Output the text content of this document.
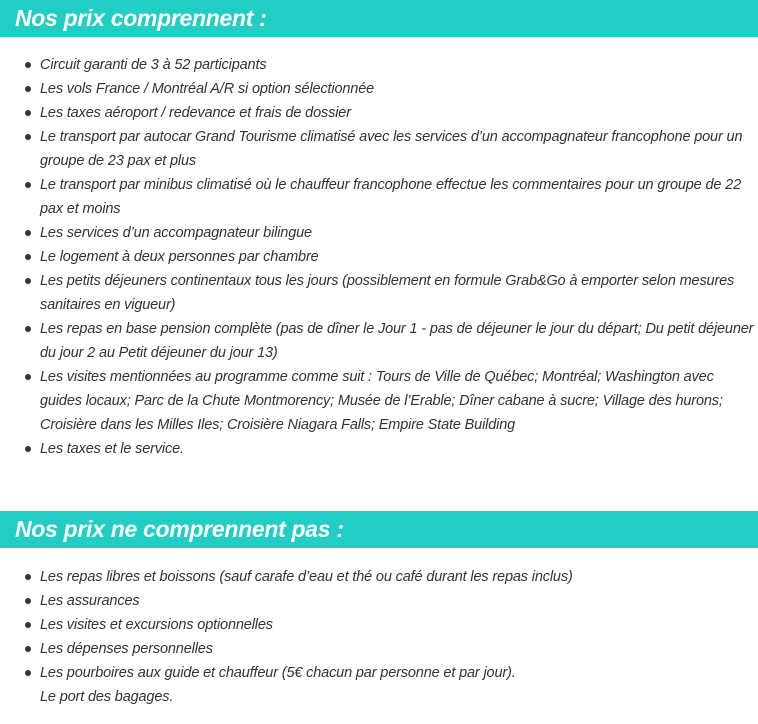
Nos prix comprennent :
Circuit garanti de 3 à 52 participants
Les vols France / Montréal A/R si option sélectionnée
Les taxes aéroport / redevance et frais de dossier
Le transport par autocar Grand Tourisme climatisé avec les services d’un accompagnateur francophone pour un groupe de 23 pax et plus
Le transport par minibus climatisé où le chauffeur francophone effectue les commentaires pour un groupe de 22 pax et moins
Les services d’un accompagnateur bilingue
Le logement à deux personnes par chambre
Les petits déjeuners continentaux tous les jours (possiblement en formule Grab&Go à emporter selon mesures sanitaires en vigueur)
Les repas en base pension complète (pas de dîner le Jour 1 - pas de déjeuner le jour du départ; Du petit déjeuner du jour 2 au Petit déjeuner du jour 13)
Les visites mentionnées au programme comme suit : Tours de Ville de Québec; Montréal; Washington avec guides locaux; Parc de la Chute Montmorency; Musée de l’Erable; Dîner cabane à sucre; Village des hurons; Croisière dans les Milles Iles; Croisière Niagara Falls; Empire State Building
Les taxes et le service.
Nos prix ne comprennent pas :
Les repas libres et boissons (sauf carafe d’eau et thé ou café durant les repas inclus)
Les assurances
Les visites et excursions optionnelles
Les dépenses personnelles
Les pourboires aux guide et chauffeur (5€ chacun par personne et par jour).
Le port des bagages.
